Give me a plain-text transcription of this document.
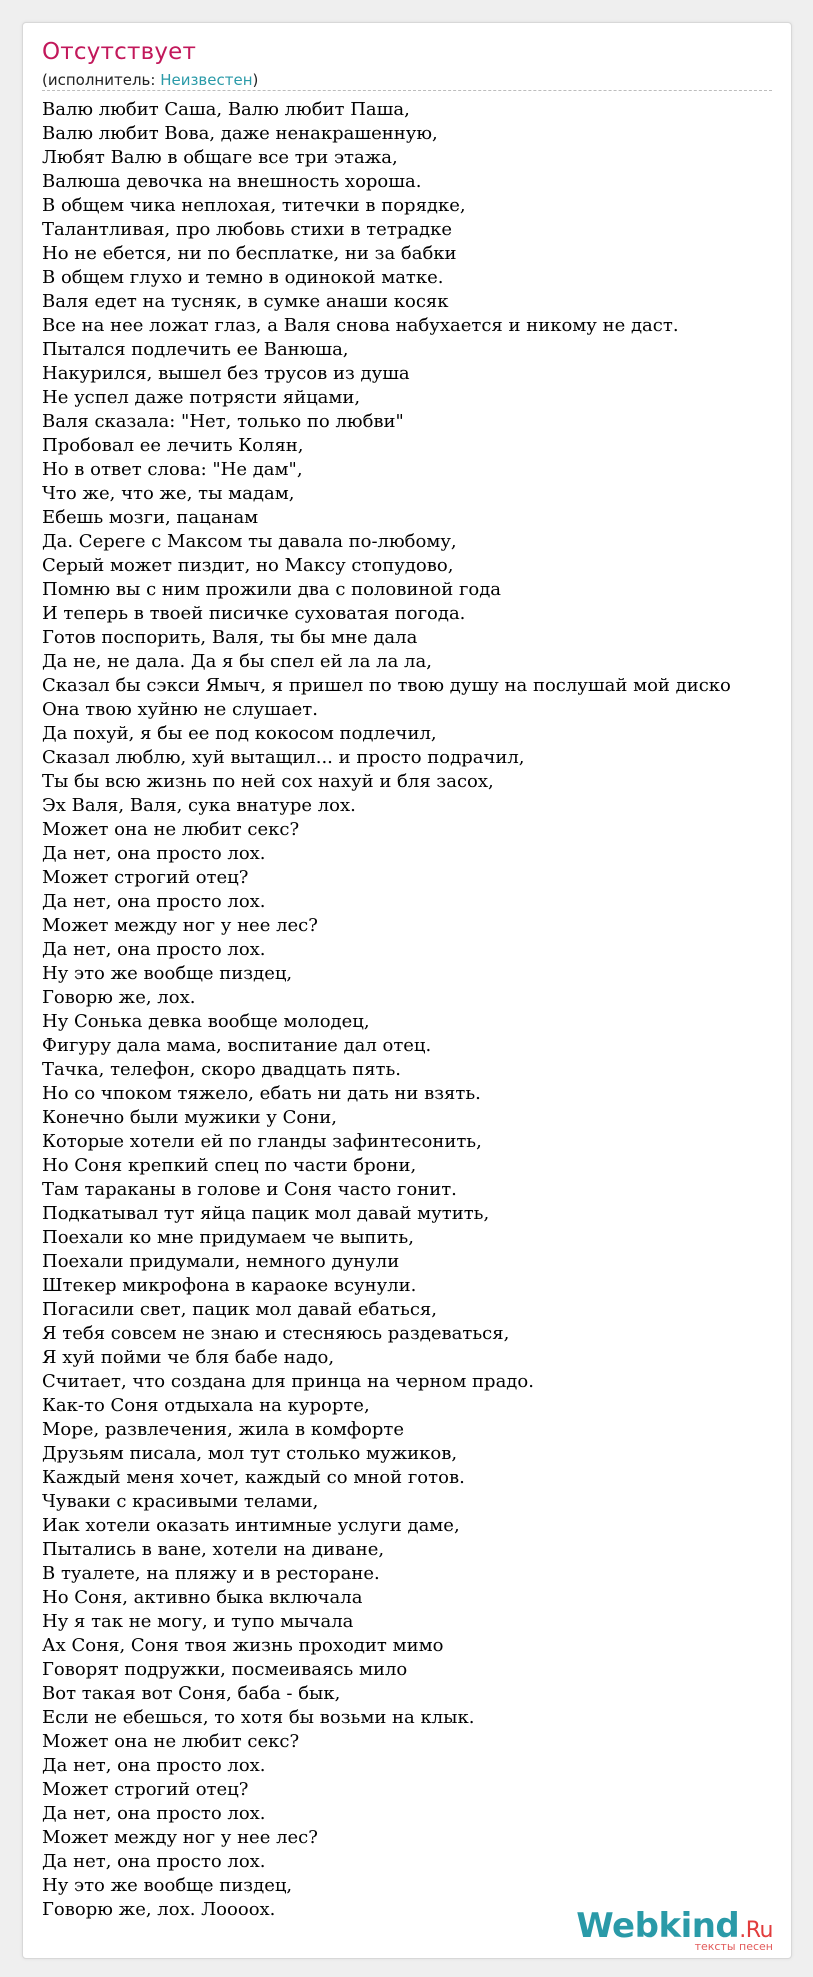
Отсутствует
(исполнитель: Неизвестен)
Валю любит Саша, Валю любит Паша,
Валю любит Вова, даже ненакрашенную,
Любят Валю в общаге все три этажа,
Валюша девочка на внешность хороша.
В общем чика неплохая, титечки в порядке,
Талантливая, про любовь стихи в тетрадке
Но не ебется, ни по бесплатке, ни за бабки
В общем глухо и темно в одинокой матке.
Валя едет на тусняк, в сумке анаши косяк
Все на нее ложат глаз, а Валя снова набухается и никому не даст.
Пытался подлечить ее Ванюша,
Накурился, вышел без трусов из душа
Не успел даже потрясти яйцами,
Валя сказала: "Нет, только по любви"
Пробовал ее лечить Колян,
Но в ответ слова: "Не дам",
Что же, что же, ты мадам,
Ебешь мозги, пацанам
Да. Сереге с Максом ты давала по-любому,
Серый может пиздит, но Максу стопудово,
Помню вы с ним прожили два с половиной года
И теперь в твоей писичке суховатая погода.
Готов поспорить, Валя, ты бы мне дала
Да не, не дала. Да я бы спел ей ла ла ла,
Сказал бы сэкси Ямыч, я пришел по твою душу на послушай мой диско
Она твою хуйню не слушает.
Да похуй, я бы ее под кокосом подлечил,
Сказал люблю, хуй вытащил... и просто подрачил,
Ты бы всю жизнь по ней сох нахуй и бля засох,
Эх Валя, Валя, сука внатуре лох.
Может она не любит секс?
Да нет, она просто лох.
Может строгий отец?
Да нет, она просто лох.
Может между ног у нее лес?
Да нет, она просто лох.
Ну это же вообще пиздец,
Говорю же, лох.
Ну Сонька девка вообще молодец,
Фигуру дала мама, воспитание дал отец.
Тачка, телефон, скоро двадцать пять.
Но со чпоком тяжело, ебать ни дать ни взять.
Конечно были мужики у Сони,
Которые хотели ей по гланды зафинтесонить,
Но Соня крепкий спец по части брони,
Там тараканы в голове и Соня часто гонит.
Подкатывал тут яйца пацик мол давай мутить,
Поехали ко мне придумаем че выпить,
Поехали придумали, немного дунули
Штекер микрофона в караоке всунули.
Погасили свет, пацик мол давай ебаться,
Я тебя совсем не знаю и стесняюсь раздеваться,
Я хуй пойми че бля бабе надо,
Считает, что создана для принца на черном прадо.
Как-то Соня отдыхала на курорте,
Море, развлечения, жила в комфорте
Друзьям писала, мол тут столько мужиков,
Каждый меня хочет, каждый со мной готов.
Чуваки с красивыми телами,
Иак хотели оказать интимные услуги даме,
Пытались в ване, хотели на диване,
В туалете, на пляжу и в ресторане.
Но Соня, активно быка включала
Ну я так не могу, и тупо мычала
Ах Соня, Соня твоя жизнь проходит мимо
Говорят подружки, посмеиваясь мило
Вот такая вот Соня, баба - бык,
Если не ебешься, то хотя бы возьми на клык.
Может она не любит секс?
Да нет, она просто лох.
Может строгий отец?
Да нет, она просто лох.
Может между ног у нее лес?
Да нет, она просто лох.
Ну это же вообще пиздец,
Говорю же, лох. Лоооох.	Webkind.Ru
тексты песен
